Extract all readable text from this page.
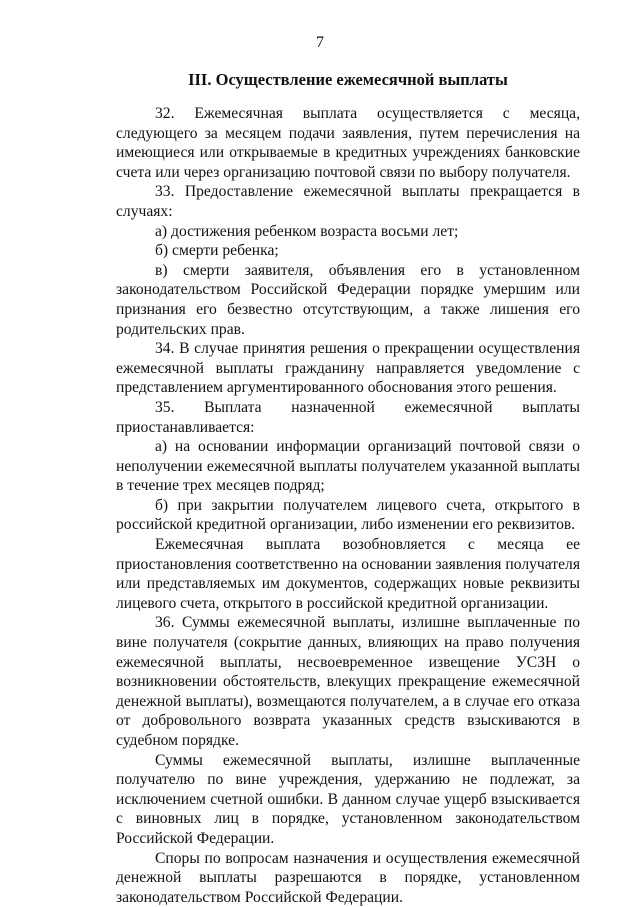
7
III. Осуществление ежемесячной выплаты

32. Ежемесячная выплата осуществляется с месяца, следующего за месяцем подачи заявления, путем перечисления на имеющиеся или открываемые в кредитных учреждениях банковские счета или через организацию почтовой связи по выбору получателя.

33. Предоставление ежемесячной выплаты прекращается в случаях:

а) достижения ребенком возраста восьми лет;

б) смерти ребенка;

в) смерти заявителя, объявления его в установленном законодательством Российской Федерации порядке умершим или признания его безвестно отсутствующим, а также лишения его родительских прав.

34. В случае принятия решения о прекращении осуществления ежемесячной выплаты гражданину направляется уведомление с представлением аргументированного обоснования этого решения.

35. Выплата назначенной ежемесячной выплаты приостанавливается:

а) на основании информации организаций почтовой связи о неполучении ежемесячной выплаты получателем указанной выплаты в течение трех месяцев подряд;

б) при закрытии получателем лицевого счета, открытого в российской кредитной организации, либо изменении его реквизитов.

Ежемесячная выплата возобновляется с месяца ее приостановления соответственно на основании заявления получателя или представляемых им документов, содержащих новые реквизиты лицевого счета, открытого в российской кредитной организации.

36. Суммы ежемесячной выплаты, излишне выплаченные по вине получателя (сокрытие данных, влияющих на право получения ежемесячной выплаты, несвоевременное извещение УСЗН о возникновении обстоятельств, влекущих прекращение ежемесячной денежной выплаты), возмещаются получателем, а в случае его отказа от добровольного возврата указанных средств взыскиваются в судебном порядке.

Суммы ежемесячной выплаты, излишне выплаченные получателю по вине учреждения, удержанию не подлежат, за исключением счетной ошибки. В данном случае ущерб взыскивается с виновных лиц в порядке, установленном законодательством Российской Федерации.

Споры по вопросам назначения и осуществления ежемесячной денежной выплаты разрешаются в порядке, установленном законодательством Российской Федерации.
